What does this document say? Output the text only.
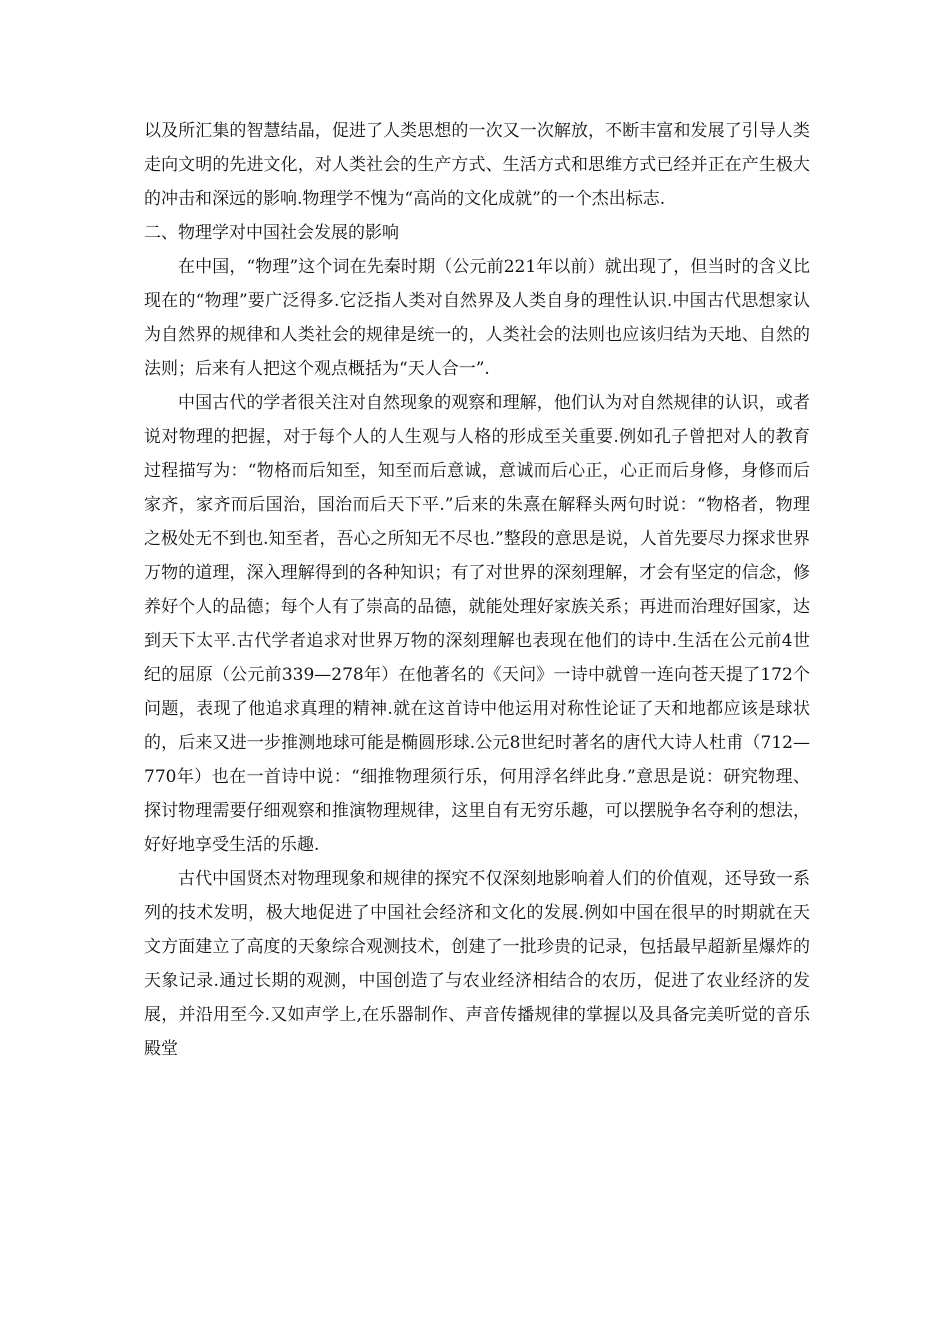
以及所汇集的智慧结晶，促进了人类思想的一次又一次解放，不断丰富和发展了引导人类走向文明的先进文化，对人类社会的生产方式、生活方式和思维方式已经并正在产生极大的冲击和深远的影响.物理学不愧为“高尚的文化成就”的一个杰出标志.

二、物理学对中国社会发展的影响

在中国，“物理”这个词在先秦时期（公元前221年以前）就出现了，但当时的含义比现在的“物理”要广泛得多.它泛指人类对自然界及人类自身的理性认识.中国古代思想家认为自然界的规律和人类社会的规律是统一的，人类社会的法则也应该归结为天地、自然的法则；后来有人把这个观点概括为“天人合一”.

中国古代的学者很关注对自然现象的观察和理解，他们认为对自然规律的认识，或者说对物理的把握，对于每个人的人生观与人格的形成至关重要.例如孔子曾把对人的教育过程描写为：“物格而后知至，知至而后意诚，意诚而后心正，心正而后身修，身修而后家齐，家齐而后国治，国治而后天下平.”后来的朱熹在解释头两句时说：“物格者，物理之极处无不到也.知至者，吾心之所知无不尽也.”整段的意思是说，人首先要尽力探求世界万物的道理，深入理解得到的各种知识；有了对世界的深刻理解，才会有坚定的信念，修养好个人的品德；每个人有了崇高的品德，就能处理好家族关系；再进而治理好国家，达到天下太平.古代学者追求对世界万物的深刻理解也表现在他们的诗中.生活在公元前4世纪的屈原（公元前339—278年）在他著名的《天问》一诗中就曾一连向苍天提了172个问题，表现了他追求真理的精神.就在这首诗中他运用对称性论证了天和地都应该是球状的，后来又进一步推测地球可能是椭圆形球.公元8世纪时著名的唐代大诗人杜甫（712—770年）也在一首诗中说：“细推物理须行乐，何用浮名绊此身.”意思是说：研究物理、探讨物理需要仔细观察和推演物理规律，这里自有无穷乐趣，可以摆脱争名夺利的想法，好好地享受生活的乐趣.

古代中国贤杰对物理现象和规律的探究不仅深刻地影响着人们的价值观，还导致一系列的技术发明，极大地促进了中国社会经济和文化的发展.例如中国在很早的时期就在天文方面建立了高度的天象综合观测技术，创建了一批珍贵的记录，包括最早超新星爆炸的天象记录.通过长期的观测，中国创造了与农业经济相结合的农历，促进了农业经济的发展，并沿用至今.又如声学上,在乐器制作、声音传播规律的掌握以及具备完美听觉的音乐殿堂
